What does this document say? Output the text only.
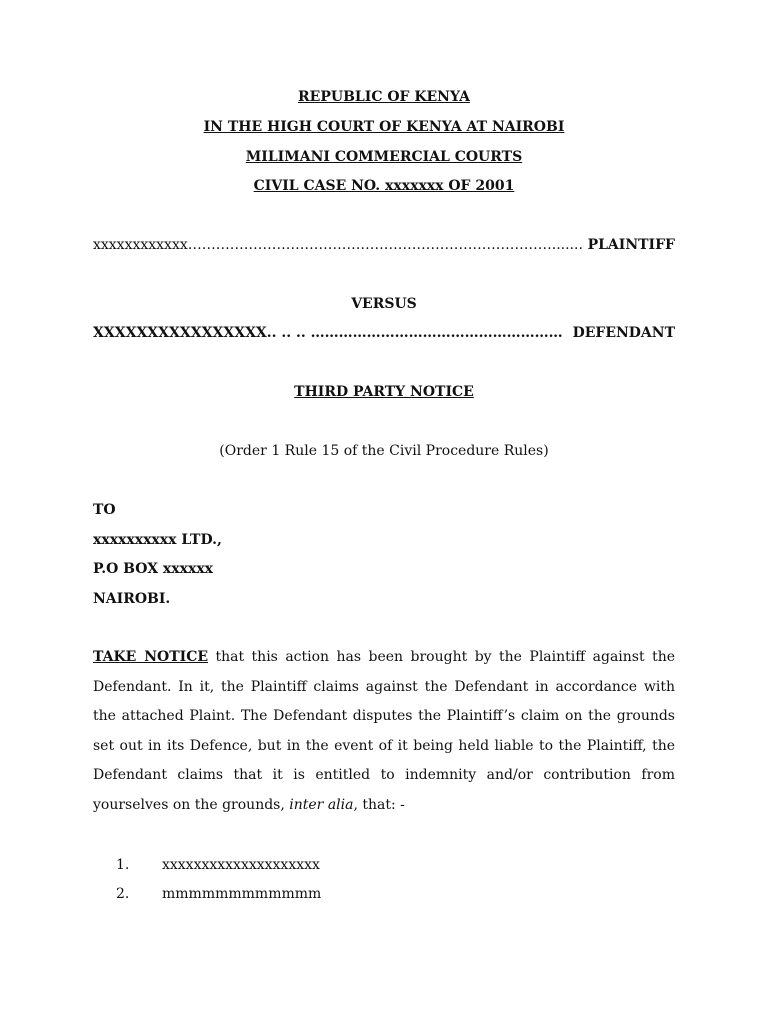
REPUBLIC OF KENYA
IN THE HIGH COURT OF KENYA AT NAIROBI
MILIMANI COMMERCIAL COURTS
CIVIL CASE NO. xxxxxxx OF 2001
xxxxxxxxxxxx ……………………………………………………………………....... PLAINTIFF
VERSUS
XXXXXXXXXXXXXXXX .. .. .. ……………………………………………… DEFENDANT
THIRD PARTY NOTICE
(Order 1 Rule 15 of the Civil Procedure Rules)
TO
xxxxxxxxxx LTD.,
P.O BOX xxxxxx
NAIROBI.
TAKE NOTICE that this action has been brought by the Plaintiff against the Defendant. In it, the Plaintiff claims against the Defendant in accordance with the attached Plaint. The Defendant disputes the Plaintiff’s claim on the grounds set out in its Defence, but in the event of it being held liable to the Plaintiff, the Defendant claims that it is entitled to indemnity and/or contribution from yourselves on the grounds, inter alia, that: -
1. xxxxxxxxxxxxxxxxxxxx
2. mmmmmmmmmmmm
